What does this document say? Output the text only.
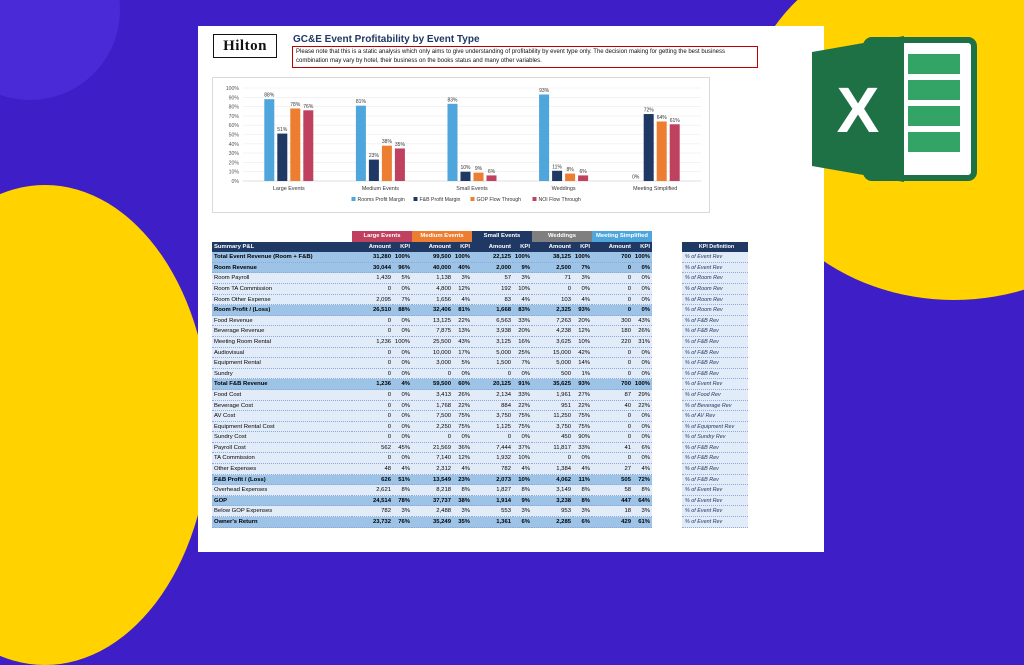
Hilton	GC&E Event Profitability by Event Type
Please note that this is a static analysis which only aims to give understanding of profitability by event type only. The decision making for getting the best business combination may vary by hotel, their business on the books status and many other variables.
100%
90%
80%
70%
60%
50%
40%
30%
20%
10%
0%
88%
51%
78% 76%
Large Events
81%
23%
38% 35%
Medium Events
83%
10% 9% 6%
Small Events
93%
11% 8% 6%
Weddings
0%
72%
64% 61%
Meeting Simplified
Rooms Profit Margin	F&B Profit Margin	GOP Flow Through	NOI Flow Through
Large Events	Medium Events	Small Events	Weddings	Meeting Simplified
Summary P&L	Amount	KPI	Amount	KPI	Amount	KPI	Amount	KPI	Amount	KPI	KPI Definition
Total Event Revenue (Room + F&B)	31,280 100%	99,500 100%	22,125 100%	38,125 100%	700 100%	% of Event Rev
Room Revenue	30,044	96%	40,000	40%	2,000	9%	2,500	7%	0	0%	% of Event Rev
Room Payroll	1,439	5%	1,138	3%	57	3%	71	3%	0	0%	% of Room Rev
Room TA Commission	0	0%	4,800	12%	192	10%	0	0%	0	0%	% of Room Rev
Room Other Expense	2,095	7%	1,656	4%	83	4%	103	4%	0	0%	% of Room Rev
Room Profit / (Loss)	26,510	88%	32,406	81%	1,668	83%	2,325	93%	0	0%	% of Room Rev
Food Revenue	0	0%	13,125	22%	6,563	33%	7,263	20%	300	43%	% of F&B Rev
Beverage Revenue	0	0%	7,875	13%	3,938	20%	4,238	12%	180	26%	% of F&B Rev
Meeting Room Rental	1,236 100%	25,500	43%	3,125	16%	3,625	10%	220	31%	% of F&B Rev
Audiovisual	0	0%	10,000	17%	5,000	25%	15,000	42%	0	0%	% of F&B Rev
Equipment Rental	0	0%	3,000	5%	1,500	7%	5,000	14%	0	0%	% of F&B Rev
Sundry	0	0%	0	0%	0	0%	500	1%	0	0%	% of F&B Rev
Total F&B Revenue	1,236	4%	59,500	60%	20,125	91%	35,625	93%	700 100%	% of Event Rev
Food Cost	0	0%	3,413	26%	2,134	33%	1,961	27%	87	29%	% of Food Rev
Beverage Cost	0	0%	1,768	22%	884	22%	951	22%	40	22%	% of Beverage Rev
AV Cost	0	0%	7,500	75%	3,750	75%	11,250	75%	0	0%	% of AV Rev
Equipment Rental Cost	0	0%	2,250	75%	1,125	75%	3,750	75%	0	0%	% of Equipment Rev
Sundry Cost	0	0%	0	0%	0	0%	450	90%	0	0%	% of Sundry Rev
Payroll Cost	562	45%	21,569	36%	7,444	37%	11,817	33%	41	6%	% of F&B Rev
TA Commission	0	0%	7,140	12%	1,932	10%	0	0%	0	0%	% of F&B Rev
Other Expenses	48	4%	2,312	4%	782	4%	1,384	4%	27	4%	% of F&B Rev
F&B Profit / (Loss)	626	51%	13,549	23%	2,073	10%	4,062	11%	505	72%	% of F&B Rev
Overhead Expenses	2,621	8%	8,218	8%	1,827	8%	3,149	8%	58	8%	% of Event Rev
GOP	24,514	78%	37,737	38%	1,914	9%	3,238	8%	447	64%	% of Event Rev
Below GOP Expenses	782	3%	2,488	3%	553	3%	953	3%	18	3%	% of Event Rev
Owner's Return	23,732	76%	35,249	35%	1,361	6%	2,285	6%	429	61%	% of Event Rev
X
